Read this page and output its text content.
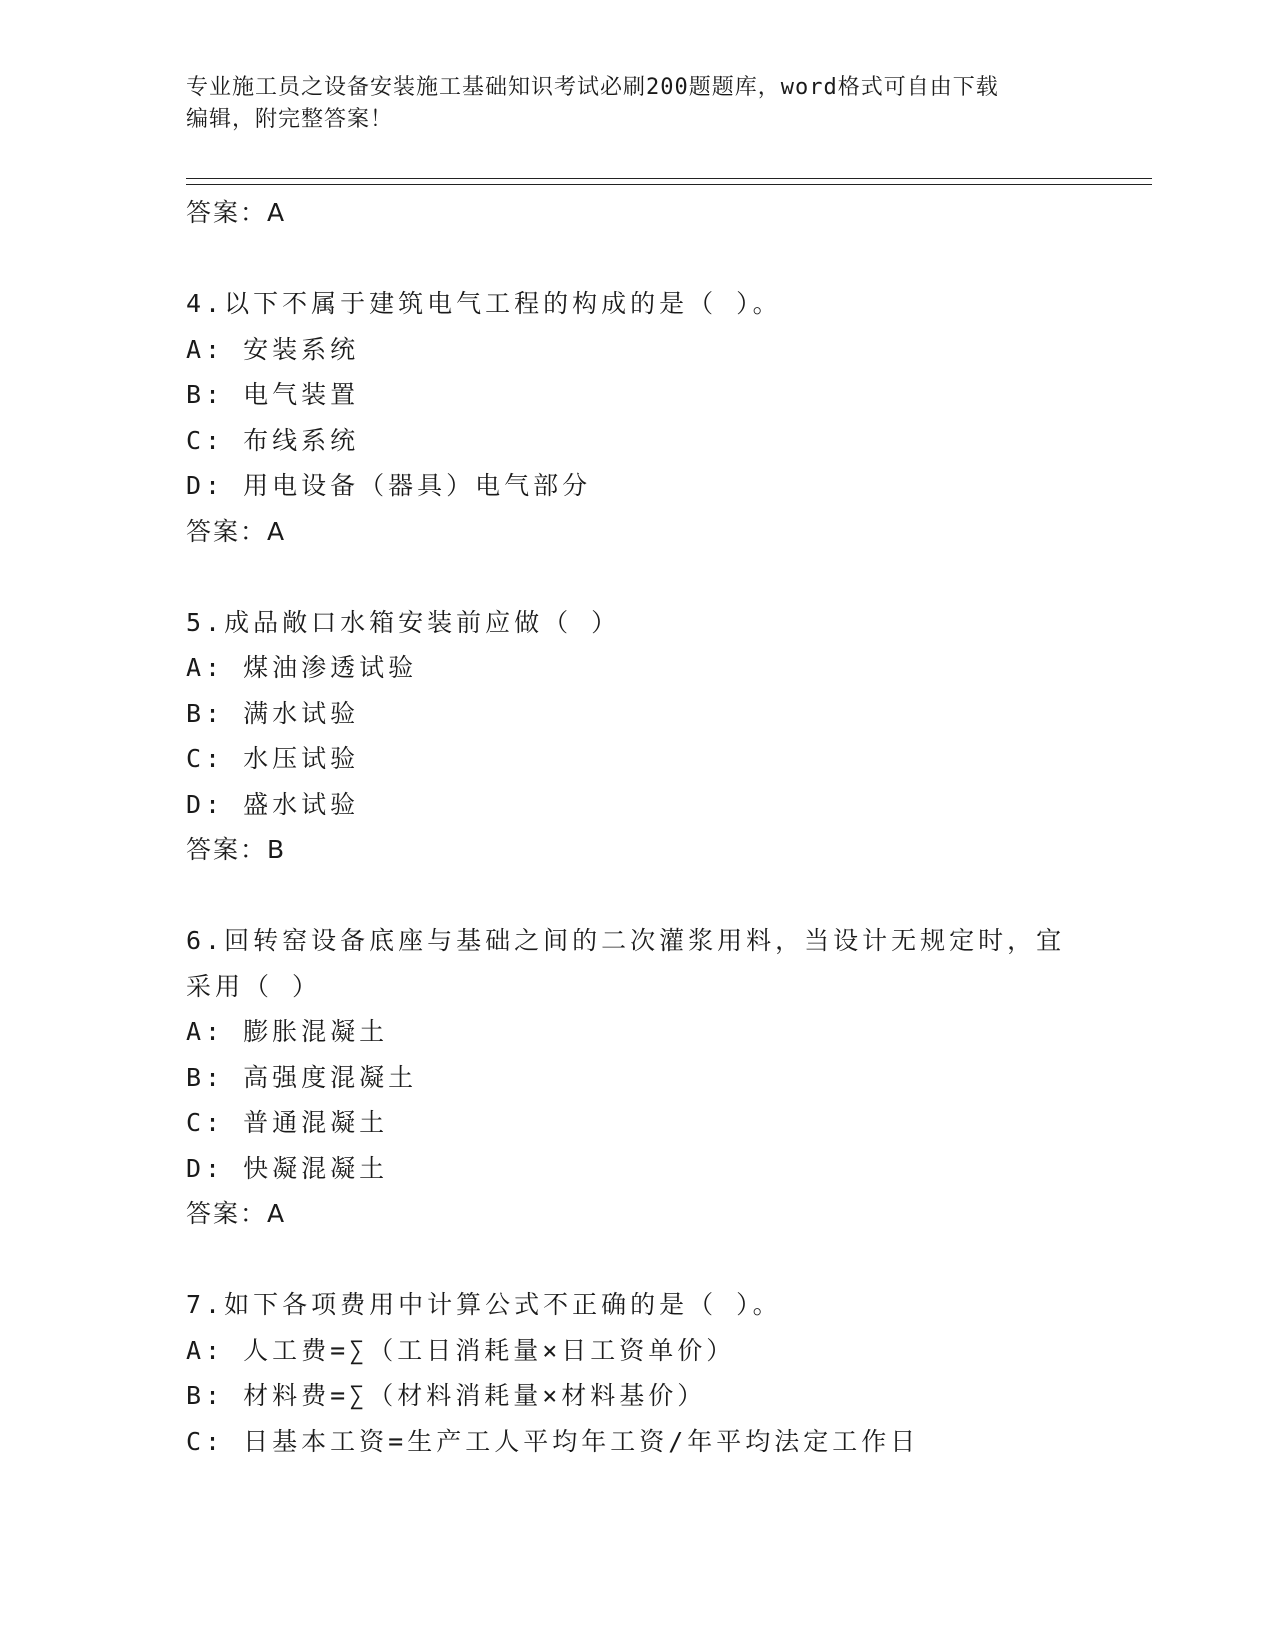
专业施工员之设备安装施工基础知识考试必刷200题题库，word格式可自由下载
编辑，附完整答案！
答案：A
4.以下不属于建筑电气工程的构成的是（ ）。
A: 安装系统
B: 电气装置
C: 布线系统
D: 用电设备（器具）电气部分
答案：A
5.成品敞口水箱安装前应做（ ）
A: 煤油渗透试验
B: 满水试验
C: 水压试验
D: 盛水试验
答案：B
6.回转窑设备底座与基础之间的二次灌浆用料，当设计无规定时，宜
采用（ ）
A: 膨胀混凝土
B: 高强度混凝土
C: 普通混凝土
D: 快凝混凝土
答案：A
7.如下各项费用中计算公式不正确的是（ ）。
A: 人工费=∑（工日消耗量×日工资单价）
B: 材料费=∑（材料消耗量×材料基价）
C: 日基本工资=生产工人平均年工资/年平均法定工作日
